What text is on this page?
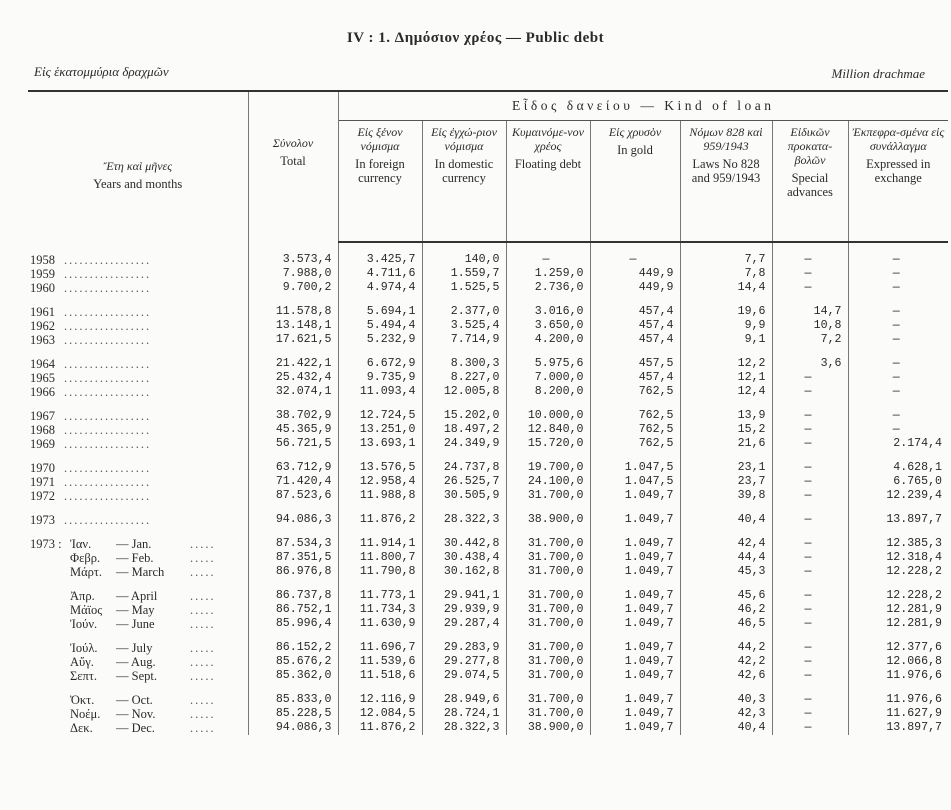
IV : 1. Δημόσιον χρέος — Public debt
Εἰς ἑκατομμύρια δραχμῶν	Million drachmae
Ἔτη καὶ μῆνες
Years and months	Σύνολον
Total	Εἶδος δανείου — Kind of loan						

		Εἰς ξένον νόμισμα
In foreign currency	Εἰς ἐγχώ-ριον νόμισμα
In domestic currency	Κυμαινόμε-νον χρέος
Floating debt	Εἰς χρυσὸν
In gold	Νόμων 828 καὶ 959/1943
Laws No 828 and 959/1943	Εἰδικῶν προκατα-βολῶν
Special advances	Ἐκπεφρα-σμένα εἰς συνάλλαγμα
Expressed in exchange

1958 .................	3.573,4	3.425,7	140,0	—	—	7,7	—	—
1959 .................	7.988,0	4.711,6	1.559,7	1.259,0	449,9	7,8	—	—
1960 .................	9.700,2	4.974,4	1.525,5	2.736,0	449,9	14,4	—	—

1961 .................	11.578,8	5.694,1	2.377,0	3.016,0	457,4	19,6	14,7	—
1962 .................	13.148,1	5.494,4	3.525,4	3.650,0	457,4	9,9	10,8	—
1963 .................	17.621,5	5.232,9	7.714,9	4.200,0	457,4	9,1	7,2	—

1964 .................	21.422,1	6.672,9	8.300,3	5.975,6	457,5	12,2	3,6	—
1965 .................	25.432,4	9.735,9	8.227,0	7.000,0	457,4	12,1	—	—
1966 .................	32.074,1	11.093,4	12.005,8	8.200,0	762,5	12,4	—	—

1967 .................	38.702,9	12.724,5	15.202,0	10.000,0	762,5	13,9	—	—
1968 .................	45.365,9	13.251,0	18.497,2	12.840,0	762,5	15,2	—	—
1969 .................	56.721,5	13.693,1	24.349,9	15.720,0	762,5	21,6	—	2.174,4

1970 .................	63.712,9	13.576,5	24.737,8	19.700,0	1.047,5	23,1	—	4.628,1
1971 .................	71.420,4	12.958,4	26.525,7	24.100,0	1.047,5	23,7	—	6.765,0
1972 .................	87.523,6	11.988,8	30.505,9	31.700,0	1.049,7	39,8	—	12.239,4

1973 .................	94.086,3	11.876,2	28.322,3	38.900,0	1.049,7	40,4	—	13.897,7

1973 : Ἰαν. — Jan. .....	87.534,3	11.914,1	30.442,8	31.700,0	1.049,7	42,4	—	12.385,3
Φεβρ. — Feb. .....	87.351,5	11.800,7	30.438,4	31.700,0	1.049,7	44,4	—	12.318,4
Μάρτ. — March .....	86.976,8	11.790,8	30.162,8	31.700,0	1.049,7	45,3	—	12.228,2

Ἀπρ. — April .....	86.737,8	11.773,1	29.941,1	31.700,0	1.049,7	45,6	—	12.228,2
Μάϊος — May .....	86.752,1	11.734,3	29.939,9	31.700,0	1.049,7	46,2	—	12.281,9
Ἰούν. — June .....	85.996,4	11.630,9	29.287,4	31.700,0	1.049,7	46,5	—	12.281,9

Ἰούλ. — July .....	86.152,2	11.696,7	29.283,9	31.700,0	1.049,7	44,2	—	12.377,6
Αὔγ. — Aug. .....	85.676,2	11.539,6	29.277,8	31.700,0	1.049,7	42,2	—	12.066,8
Σεπτ. — Sept. .....	85.362,0	11.518,6	29.074,5	31.700,0	1.049,7	42,6	—	11.976,6

Ὀκτ. — Oct. .....	85.833,0	12.116,9	28.949,6	31.700,0	1.049,7	40,3	—	11.976,6
Νοέμ. — Nov. .....	85.228,5	12.084,5	28.724,1	31.700,0	1.049,7	42,3	—	11.627,9
Δεκ. — Dec. .....	94.086,3	11.876,2	28.322,3	38.900,0	1.049,7	40,4	—	13.897,7
